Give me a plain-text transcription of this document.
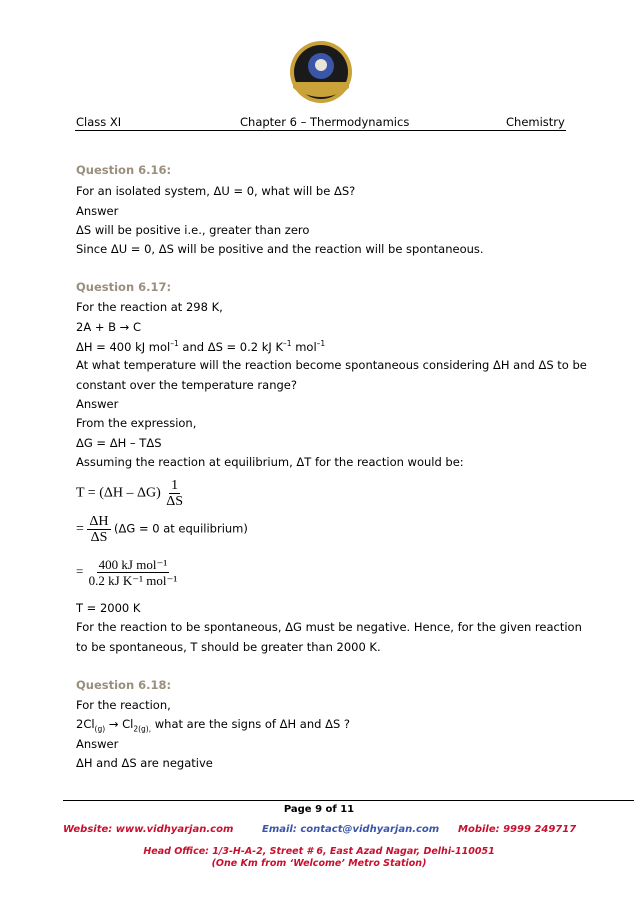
Class XI	Chapter 6 – Thermodynamics	Chemistry
Question 6.16:
For an isolated system, ΔU = 0, what will be ΔS?
Answer
ΔS will be positive i.e., greater than zero
Since ΔU = 0, ΔS will be positive and the reaction will be spontaneous.
Question 6.17:
For the reaction at 298 K,
2A + B → C
ΔH = 400 kJ mol$^{-1}$ and ΔS = 0.2 kJ $K^{-1}$ mol$^{-1}$
At what temperature will the reaction become spontaneous considering ΔH and ΔS to be
constant over the temperature range?
Answer
From the expression,
ΔG = ΔH – TΔS
Assuming the reaction at equilibrium, ΔT for the reaction would be:
$T = (\Delta H - \Delta G) \frac{1}{\Delta S}$
= $\frac{\Delta H}{\Delta S} (\Delta G = 0$ at equilibrium)
= $\frac{\text{400 kJ mol⁻¹}}{\text{0.2 kJ K⁻¹ mol⁻¹}}$
T = 2000 K
For the reaction to be spontaneous, ΔG must be negative. Hence, for the given reaction
to be spontaneous, T should be greater than 2000 K.
Question 6.18:
For the reaction,
$2Cl_{(g)} \to Cl_{2(g),}$ what are the signs of ΔH and ΔS ?
Answer
ΔH and ΔS are negative
Page 9 of 11
Website: www.vidhyarjan.com	Email: contact@vidhyarjan.com Mobile: 9999 249717
Head Office: 1/3-H-A-2, Street # 6, East Azad Nagar, Delhi-110051
(One Km from ‘Welcome’ Metro Station)
